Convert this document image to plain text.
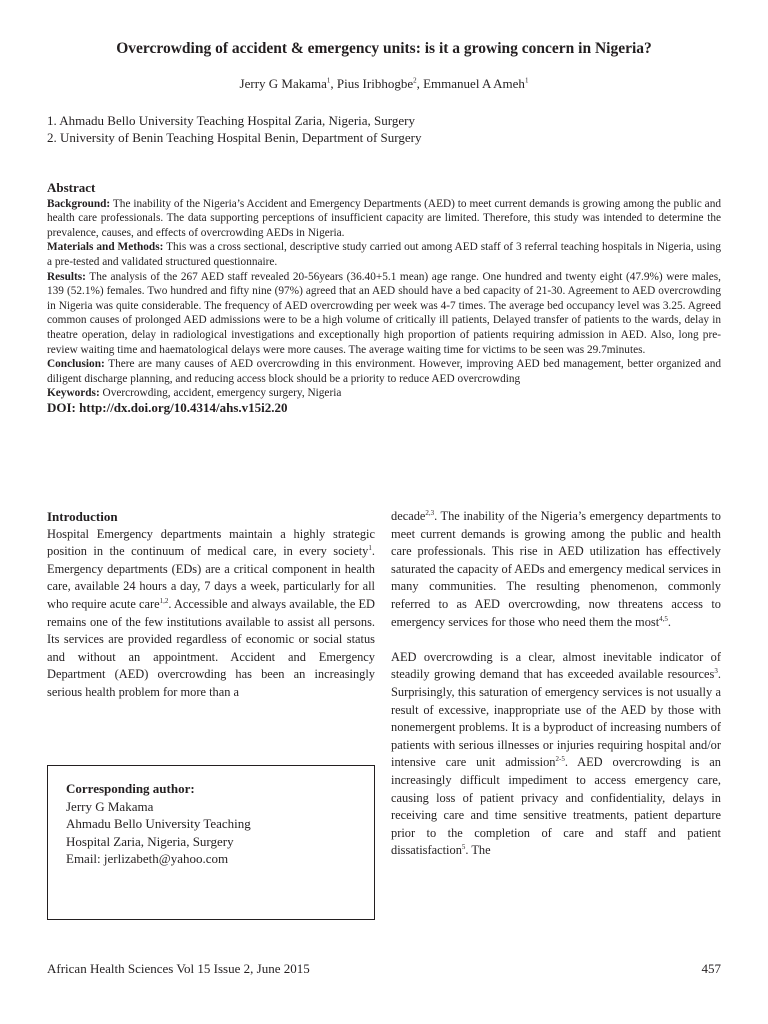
Overcrowding of accident & emergency units: is it a growing concern in Nigeria?
Jerry G Makama$^1$, Pius Iribhogbe$^2$, Emmanuel A Ameh$^1$
1. Ahmadu Bello University Teaching Hospital Zaria, Nigeria, Surgery
2. University of Benin Teaching Hospital Benin, Department of Surgery

Abstract

Background: The inability of the Nigeria’s Accident and Emergency Departments (AED) to meet current demands is growing among the public and health care professionals. The data supporting perceptions of insufficient capacity are limited. Therefore, this study was intended to determine the prevalence, causes, and effects of overcrowding AEDs in Nigeria.

Materials and Methods: This was a cross sectional, descriptive study carried out among AED staff of 3 referral teaching hospitals in Nigeria, using a pre-tested and validated structured questionnaire.

Results: The analysis of the 267 AED staff revealed 20-56years (36.40+5.1 mean) age range. One hundred and twenty eight (47.9%) were males, 139 (52.1%) females. Two hundred and fifty nine (97%) agreed that an AED should have a bed capacity of 21-30. Agreement to AED overcrowding in Nigeria was quite considerable. The frequency of AED overcrowding per week was 4-7 times. The average bed occupancy level was 3.25. Agreed common causes of prolonged AED admissions were to be a high volume of critically ill patients, Delayed transfer of patients to the wards, delay in theatre operation, delay in radiological investigations and exceptionally high proportion of patients requiring admission in AED. Also, long pre-review waiting time and haematological delays were more causes. The average waiting time for victims to be seen was 29.7minutes.

Conclusion: There are many causes of AED overcrowding in this environment. However, improving AED bed management, better organized and diligent discharge planning, and reducing access block should be a priority to reduce AED overcrowding

Keywords: Overcrowding, accident, emergency surgery, Nigeria

DOI: http://dx.doi.org/10.4314/ahs.v15i2.20

Introduction

Hospital Emergency departments maintain a highly strategic position in the continuum of medical care, in every society$^1$. Emergency departments (EDs) are a critical component in health care, available 24 hours a day, 7 days a week, particularly for all who require acute care$^{1,2}$. Accessible and always available, the ED remains one of the few institutions available to assist all persons. Its services are provided regardless of economic or social status and without an appointment. Accident and Emergency Department (AED) overcrowding has been an increasingly serious health problem for more than a

Corresponding author:
Jerry G Makama
Ahmadu Bello University Teaching
Hospital Zaria, Nigeria, Surgery
Email: jerlizabeth@yahoo.com

decade$^{2,3}$. The inability of the Nigeria’s emergency departments to meet current demands is growing among the public and health care professionals. This rise in AED utilization has effectively saturated the capacity of AEDs and emergency medical services in many communities. The resulting phenomenon, commonly referred to as AED overcrowding, now threatens access to emergency services for those who need them the most$^{4,5}$.

AED overcrowding is a clear, almost inevitable indicator of steadily growing demand that has exceeded available resources$^3$. Surprisingly, this saturation of emergency services is not usually a result of excessive, inappropriate use of the AED by those with nonemergent problems. It is a byproduct of increasing numbers of patients with serious illnesses or injuries requiring hospital and/or intensive care unit admission$^{2-5}$. AED overcrowding is an increasingly difficult impediment to access emergency care, causing loss of patient privacy and confidentiality, delays in receiving care and time sensitive treatments, patient departure prior to the completion of care and staff and patient dissatisfaction$^5$. The

African Health Sciences Vol 15 Issue 2, June 2015	457
